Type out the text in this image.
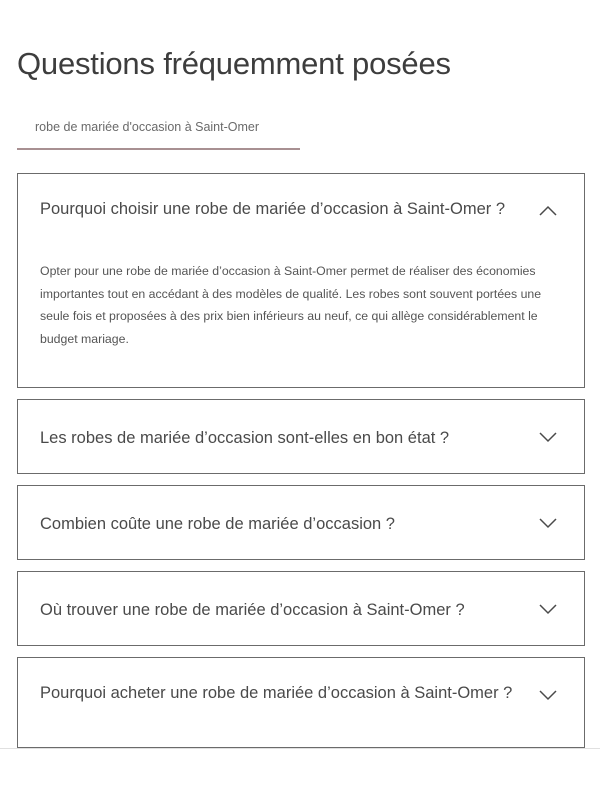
Questions fréquemment posées
robe de mariée d'occasion à Saint-Omer
Pourquoi choisir une robe de mariée d’occasion à Saint-Omer ?
Opter pour une robe de mariée d’occasion à Saint-Omer permet de réaliser des économies importantes tout en accédant à des modèles de qualité. Les robes sont souvent portées une seule fois et proposées à des prix bien inférieurs au neuf, ce qui allège considérablement le budget mariage.
Les robes de mariée d’occasion sont-elles en bon état ?
Combien coûte une robe de mariée d’occasion ?
Où trouver une robe de mariée d’occasion à Saint-Omer ?
Pourquoi acheter une robe de mariée d’occasion à Saint-Omer ?
